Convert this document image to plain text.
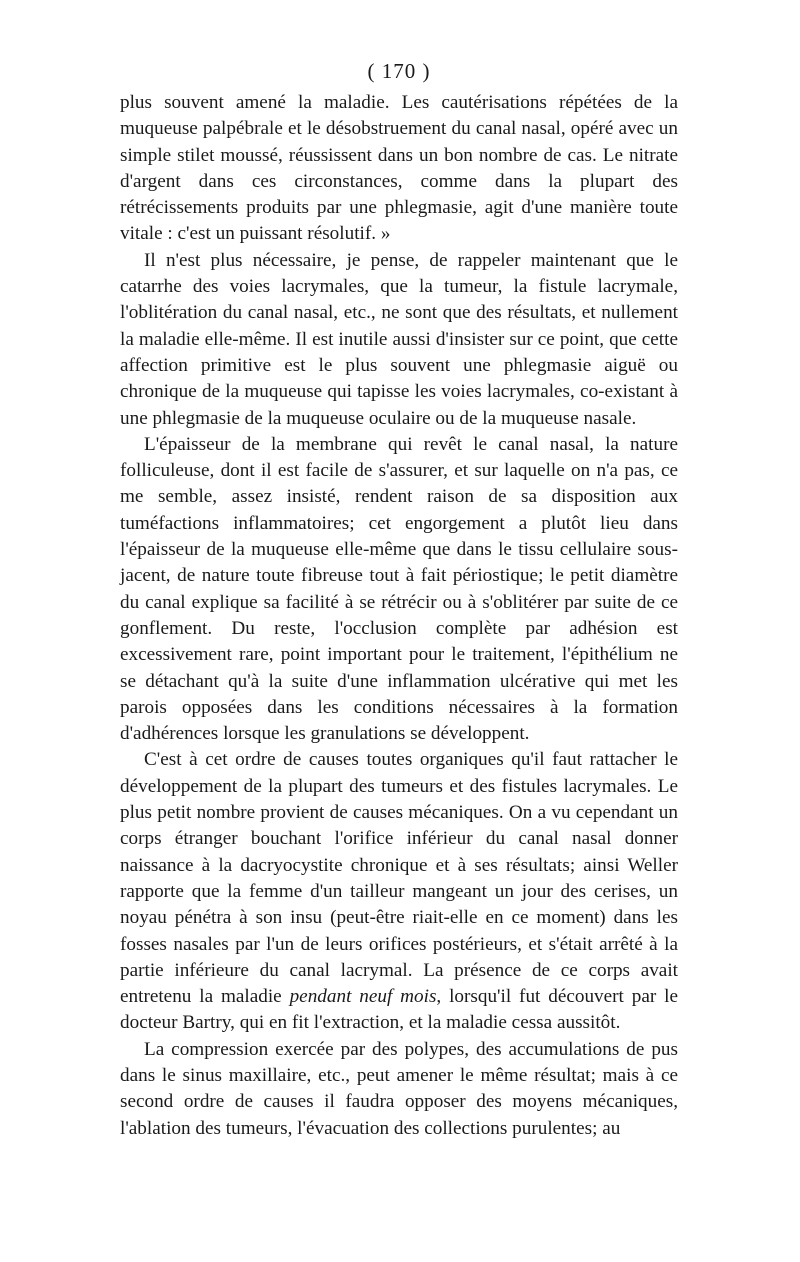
( 170 )

plus souvent amené la maladie. Les cautérisations répétées de la muqueuse palpébrale et le désobstruement du canal nasal, opéré avec un simple stilet moussé, réussissent dans un bon nombre de cas. Le nitrate d'argent dans ces circonstances, comme dans la plupart des rétrécissements produits par une phlegmasie, agit d'une manière toute vitale : c'est un puissant résolutif. »

Il n'est plus nécessaire, je pense, de rappeler maintenant que le catarrhe des voies lacrymales, que la tumeur, la fistule lacrymale, l'oblitération du canal nasal, etc., ne sont que des résultats, et nullement la maladie elle-même. Il est inutile aussi d'insister sur ce point, que cette affection primitive est le plus souvent une phlegmasie aiguë ou chronique de la muqueuse qui tapisse les voies lacrymales, co-existant à une phlegmasie de la muqueuse oculaire ou de la muqueuse nasale.

L'épaisseur de la membrane qui revêt le canal nasal, la nature folliculeuse, dont il est facile de s'assurer, et sur laquelle on n'a pas, ce me semble, assez insisté, rendent raison de sa disposition aux tuméfactions inflammatoires; cet engorgement a plutôt lieu dans l'épaisseur de la muqueuse elle-même que dans le tissu cellulaire sous-jacent, de nature toute fibreuse tout à fait périostique; le petit diamètre du canal explique sa facilité à se rétrécir ou à s'oblitérer par suite de ce gonflement. Du reste, l'occlusion complète par adhésion est excessivement rare, point important pour le traitement, l'épithélium ne se détachant qu'à la suite d'une inflammation ulcérative qui met les parois opposées dans les conditions nécessaires à la formation d'adhérences lorsque les granulations se développent.

C'est à cet ordre de causes toutes organiques qu'il faut rattacher le développement de la plupart des tumeurs et des fistules lacrymales. Le plus petit nombre provient de causes mécaniques. On a vu cependant un corps étranger bouchant l'orifice inférieur du canal nasal donner naissance à la dacryocystite chronique et à ses résultats; ainsi Weller rapporte que la femme d'un tailleur mangeant un jour des cerises, un noyau pénétra à son insu (peut-être riait-elle en ce moment) dans les fosses nasales par l'un de leurs orifices postérieurs, et s'était arrêté à la partie inférieure du canal lacrymal. La présence de ce corps avait entretenu la maladie pendant neuf mois, lorsqu'il fut découvert par le docteur Bartry, qui en fit l'extraction, et la maladie cessa aussitôt.

La compression exercée par des polypes, des accumulations de pus dans le sinus maxillaire, etc., peut amener le même résultat; mais à ce second ordre de causes il faudra opposer des moyens mécaniques, l'ablation des tumeurs, l'évacuation des collections purulentes; au
